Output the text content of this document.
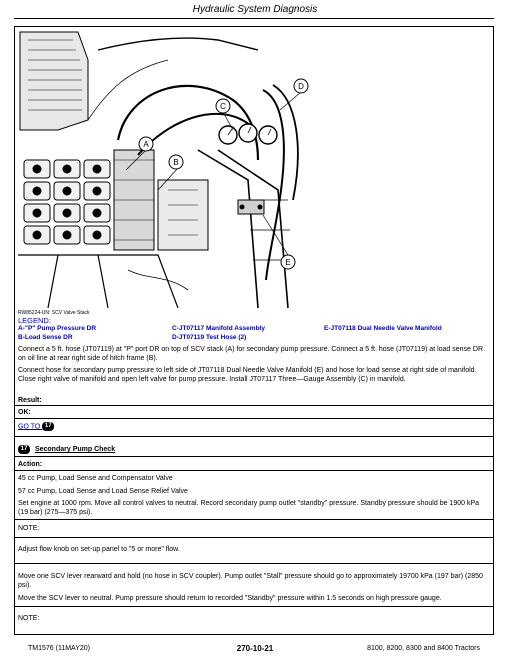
Hydraulic System Diagnosis
A
B
C
D
E
RW85224-UN: SCV Valve Stack
LEGEND:
A-"P" Pump Pressure DR
B-Load Sense DR
C-JT07117 Manifold Assembly
D-JT07119 Test Hose (2)
E-JT07118 Dual Needle Valve Manifold
Connect a 5 ft. hose (JT07119) at "P" port DR on top of SCV stack (A) for secondary pump pressure. Connect a 5 ft. hose (JT07119) at load sense DR on oil line at rear right side of hitch frame (B).
Connect hose for secondary pump pressure to left side of JT07118 Dual Needle Valve Manifold (E) and hose for load sense at right side of manifold. Close right valve of manifold and open left valve for pump pressure. Install JT07117 Three—Gauge Assembly (C) in manifold.
Result:
OK:
GO TO 17
17 Secondary Pump Check
Action:
45 cc Pump, Load Sense and Compensator Valve
57 cc Pump, Load Sense and Load Sense Relief Valve
Set engine at 1000 rpm. Move all control valves to neutral. Record secondary pump outlet "standby" pressure. Standby pressure should be 1900 kPa (19 bar) (275—375 psi).
NOTE:
Adjust flow knob on set-up panel to "5 or more" flow.
Move one SCV lever rearward and hold (no hose in SCV coupler). Pump outlet "Stall" pressure should go to approximately 19700 kPa (197 bar) (2850 psi).
Move the SCV lever to neutral. Pump pressure should return to recorded "Standby" pressure within 1.5 seconds on high pressure gauge.
NOTE:
TM1576 (11MAY20)	270-10-21	8100, 8200, 8300 and 8400 Tractors
